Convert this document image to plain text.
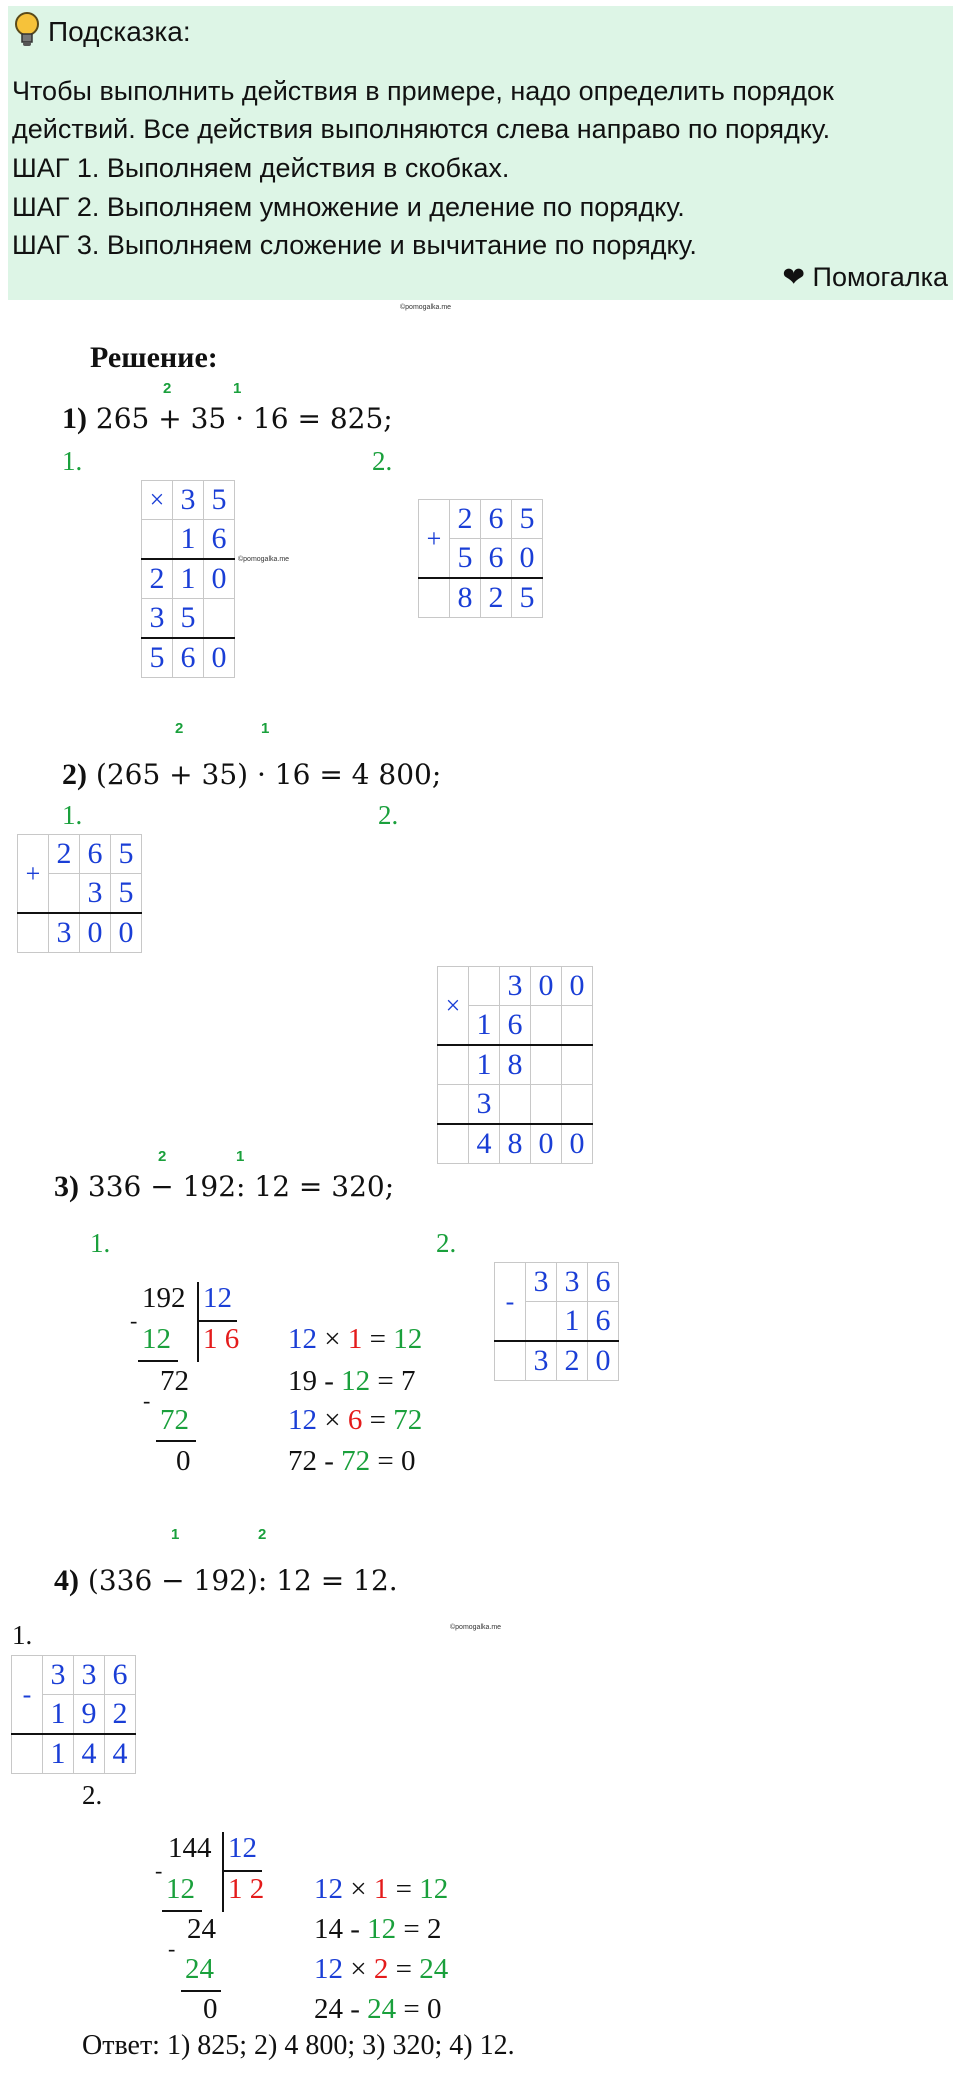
Подсказка:
Чтобы выполнить действия в примере, надо определить порядок
действий. Все действия выполняются слева направо по порядку.
ШАГ 1. Выполняем действия в скобках.
ШАГ 2. Выполняем умножение и деление по порядку.
ШАГ 3. Выполняем сложение и вычитание по порядку.
❤ Помогалка
©pomogalka.me
©pomogalka.me
©pomogalka.me
Решение:
2	1
1) 265 + 35 · 16 = 825;
1.	2.
×	3	5
	1	6
2	1	0
3	5	
5	6	0
+	2	6	5
	5	6	0
	8	2	5
2	1
2) (265 + 35) · 16 = 4 800;
1.	2.
+	2	6	5
		3	5
	3	0	0
×		3	0	0
	1	6		
	1	8		
	3			
	4	8	0	0
2	1
3) 336 − 192: 12 = 320;
1.	2.
192 12
1 6
-
12
72
-
72
0
12 × 1 = 12
19 - 12 = 7
12 × 6 = 72
72 - 72 = 0
-	3	3	6
		1	6
	3	2	0
1	2
4) (336 − 192): 12 = 12.
1.
-	3	3	6
	1	9	2
	1	4	4
2.
144 12
1 2
-
12
24
-
24
0
12 × 1 = 12
14 - 12 = 2
12 × 2 = 24
24 - 24 = 0
Ответ: 1) 825; 2) 4 800; 3) 320; 4) 12.
